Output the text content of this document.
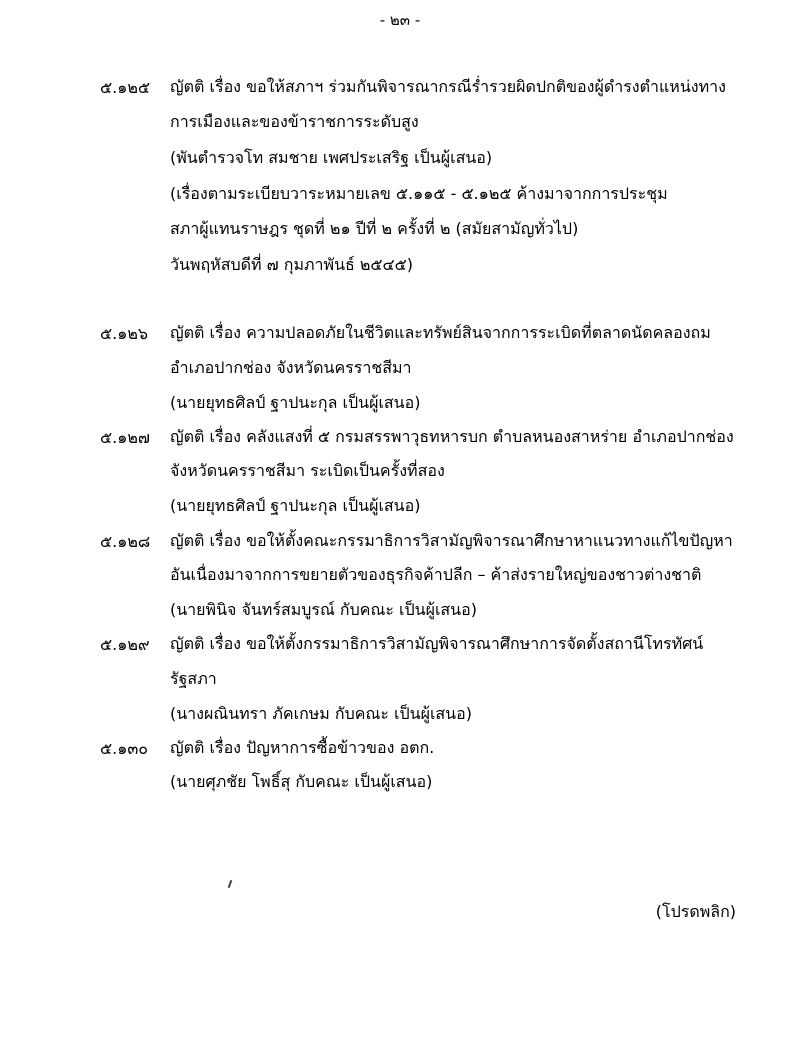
- ๒๓ -
๕.๑๒๕	ญัตติ เรื่อง ขอให้สภาฯ ร่วมกันพิจารณากรณีร่ำรวยผิดปกติของผู้ดำรงตำแหน่งทาง
การเมืองและของข้าราชการระดับสูง
(พันตำรวจโท สมชาย เพศประเสริฐ เป็นผู้เสนอ)
(เรื่องตามระเบียบวาระหมายเลข ๕.๑๑๕ - ๕.๑๒๕ ค้างมาจากการประชุม
สภาผู้แทนราษฎร ชุดที่ ๒๑ ปีที่ ๒ ครั้งที่ ๒ (สมัยสามัญทั่วไป)
วันพฤหัสบดีที่ ๗ กุมภาพันธ์ ๒๕๔๕)
๕.๑๒๖	ญัตติ เรื่อง ความปลอดภัยในชีวิตและทรัพย์สินจากการระเบิดที่ตลาดนัดคลองถม
อำเภอปากช่อง จังหวัดนครราชสีมา
(นายยุทธศิลป์ ฐาปนะกุล เป็นผู้เสนอ)
๕.๑๒๗	ญัตติ เรื่อง คลังแสงที่ ๕ กรมสรรพาวุธทหารบก ตำบลหนองสาหร่าย อำเภอปากช่อง
จังหวัดนครราชสีมา ระเบิดเป็นครั้งที่สอง
(นายยุทธศิลป์ ฐาปนะกุล เป็นผู้เสนอ)
๕.๑๒๘	ญัตติ เรื่อง ขอให้ตั้งคณะกรรมาธิการวิสามัญพิจารณาศึกษาหาแนวทางแก้ไขปัญหา
อันเนื่องมาจากการขยายตัวของธุรกิจค้าปลีก – ค้าส่งรายใหญ่ของชาวต่างชาติ
(นายพินิจ จันทร์สมบูรณ์ กับคณะ เป็นผู้เสนอ)
๕.๑๒๙	ญัตติ เรื่อง ขอให้ตั้งกรรมาธิการวิสามัญพิจารณาศึกษาการจัดตั้งสถานีโทรทัศน์
รัฐสภา
(นางผณินทรา ภัคเกษม กับคณะ เป็นผู้เสนอ)
๕.๑๓๐	ญัตติ เรื่อง ปัญหาการซื้อข้าวของ อตก.
(นายศุภชัย โพธิ์สุ กับคณะ เป็นผู้เสนอ)
(โปรดพลิก)
